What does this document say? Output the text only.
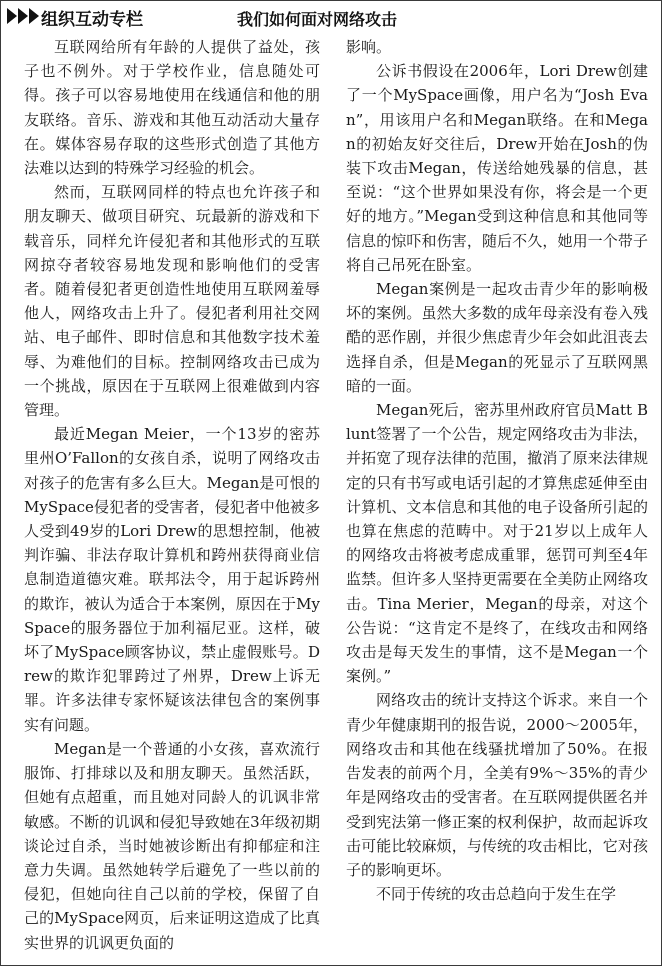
组织互动专栏	我们如何面对网络攻击

互联网给所有年龄的人提供了益处，孩子也不例外。对于学校作业，信息随处可得。孩子可以容易地使用在线通信和他的朋友联络。音乐、游戏和其他互动活动大量存在。媒体容易存取的这些形式创造了其他方法难以达到的特殊学习经验的机会。

然而，互联网同样的特点也允许孩子和朋友聊天、做项目研究、玩最新的游戏和下载音乐，同样允许侵犯者和其他形式的互联网掠夺者较容易地发现和影响他们的受害者。随着侵犯者更创造性地使用互联网羞辱他人，网络攻击上升了。侵犯者利用社交网站、电子邮件、即时信息和其他数字技术羞辱、为难他们的目标。控制网络攻击已成为一个挑战，原因在于互联网上很难做到内容管理。

最近Megan Meier，一个13岁的密苏里州O’Fallon的女孩自杀，说明了网络攻击对孩子的危害有多么巨大。Megan是可恨的MySpace侵犯者的受害者，侵犯者中他被多人受到49岁的Lori Drew的思想控制，他被判诈骗、非法存取计算机和跨州获得商业信息制造道德灾难。联邦法令，用于起诉跨州的欺诈，被认为适合于本案例，原因在于MySpace的服务器位于加利福尼亚。这样，破坏了MySpace顾客协议，禁止虚假账号。Drew的欺诈犯罪跨过了州界，Drew上诉无罪。许多法律专家怀疑该法律包含的案例事实有问题。

Megan是一个普通的小女孩，喜欢流行服饰、打排球以及和朋友聊天。虽然活跃，但她有点超重，而且她对同龄人的讥讽非常敏感。不断的讥讽和侵犯导致她在3年级初期谈论过自杀，当时她被诊断出有抑郁症和注意力失调。虽然她转学后避免了一些以前的侵犯，但她向往自己以前的学校，保留了自己的MySpace网页，后来证明这造成了比真实世界的讥讽更负面的

影响。

公诉书假设在2006年，Lori Drew创建了一个MySpace画像，用户名为“Josh Evan”，用该用户名和Megan联络。在和Megan的初始友好交往后，Drew开始在Josh的伪装下攻击Megan，传送给她残暴的信息，甚至说：“这个世界如果没有你，将会是一个更好的地方。”Megan受到这种信息和其他同等信息的惊吓和伤害，随后不久，她用一个带子将自己吊死在卧室。

Megan案例是一起攻击青少年的影响极坏的案例。虽然大多数的成年母亲没有卷入残酷的恶作剧，并很少焦虑青少年会如此沮丧去选择自杀，但是Megan的死显示了互联网黑暗的一面。

Megan死后，密苏里州政府官员Matt Blunt签署了一个公告，规定网络攻击为非法，并拓宽了现存法律的范围，撤消了原来法律规定的只有书写或电话引起的才算焦虑延伸至由计算机、文本信息和其他的电子设备所引起的也算在焦虑的范畴中。对于21岁以上成年人的网络攻击将被考虑成重罪，惩罚可判至4年监禁。但许多人坚持更需要在全美防止网络攻击。Tina Merier，Megan的母亲，对这个公告说：“这肯定不是终了，在线攻击和网络攻击是每天发生的事情，这不是Megan一个案例。”

网络攻击的统计支持这个诉求。来自一个青少年健康期刊的报告说，2000～2005年，网络攻击和其他在线骚扰增加了50%。在报告发表的前两个月，全美有9%～35%的青少年是网络攻击的受害者。在互联网提供匿名并受到宪法第一修正案的权利保护，故而起诉攻击可能比较麻烦，与传统的攻击相比，它对孩子的影响更坏。

不同于传统的攻击总趋向于发生在学
